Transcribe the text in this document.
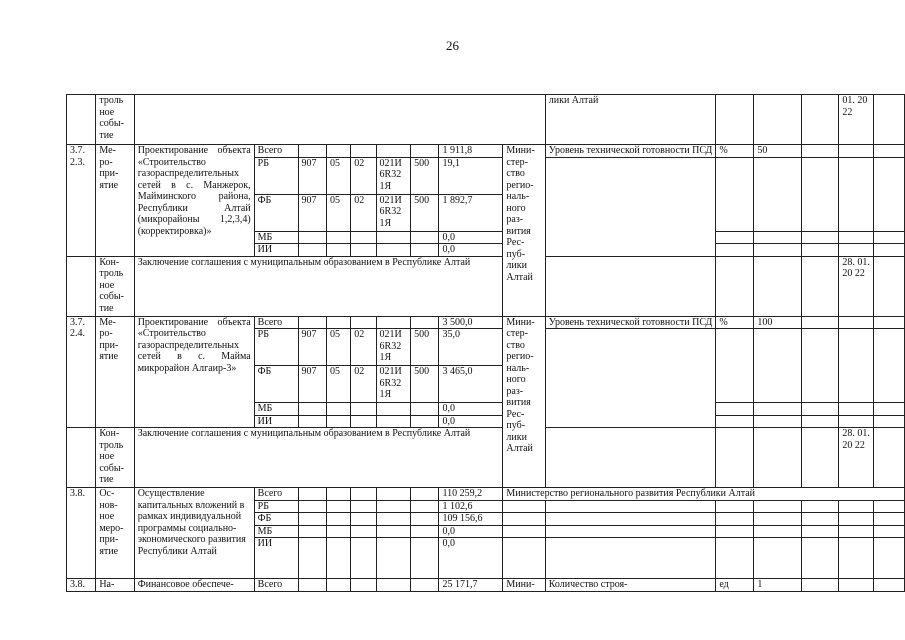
26
	троль ное собы- тие										лики Алтай				01. 20 22	
3.7. 2.3.	Ме- ро- при- ятие	Проектирование объекта «Строительство газораспределительных сетей в с. Манжерок, Майминского района, Республики Алтай (микрорайоны 1,2,3,4) (корректировка)»	Всего						1 911,8	Мини- стер- ство регио- наль- ного раз- вития Рес- пуб- лики Алтай	Уровень технической готовности ПСД	%	50			
			РБ	907	05	02	021И 6R32 1Я	500	19,1							
			ФБ	907	05	02	021И 6R32 1Я	500	1 892,7							
			МБ						0,0							
			ИИ						0,0							
	Кон- троль ное собы- тие	Заключение соглашения с муниципальным образованием в Республике Алтай													28. 01. 20 22	
3.7. 2.4.	Ме- ро- при- ятие	Проектирование объекта «Строительство газораспределительных сетей в с. Майма микрорайон Алгаир-3»	Всего						3 500,0	Мини- стер- ство регио- наль- ного раз- вития Рес- пуб- лики Алтай	Уровень технической готовности ПСД	%	100			
			РБ	907	05	02	021И 6R32 1Я	500	35,0							
			ФБ	907	05	02	021И 6R32 1Я	500	3 465,0							
			МБ						0,0							
			ИИ						0,0							
	Кон- троль ное собы- тие	Заключение соглашения с муниципальным образованием в Республике Алтай													28. 01. 20 22	
3.8.	Ос- нов- ное меро- при- ятие	Осуществление капитальных вложений в рамках индивидуальной программы социально-экономического развития Республики Алтай	Всего						110 259,2	Министерство регионального развития Республики Алтай						
			РБ						1 102,6							
			ФБ						109 156,6							
			МБ						0,0							
			ИИ						0,0							
3.8.	На-	Финансовое обеспече-	Всего						25 171,7	Мини-	Количество строя-	ед	1			
